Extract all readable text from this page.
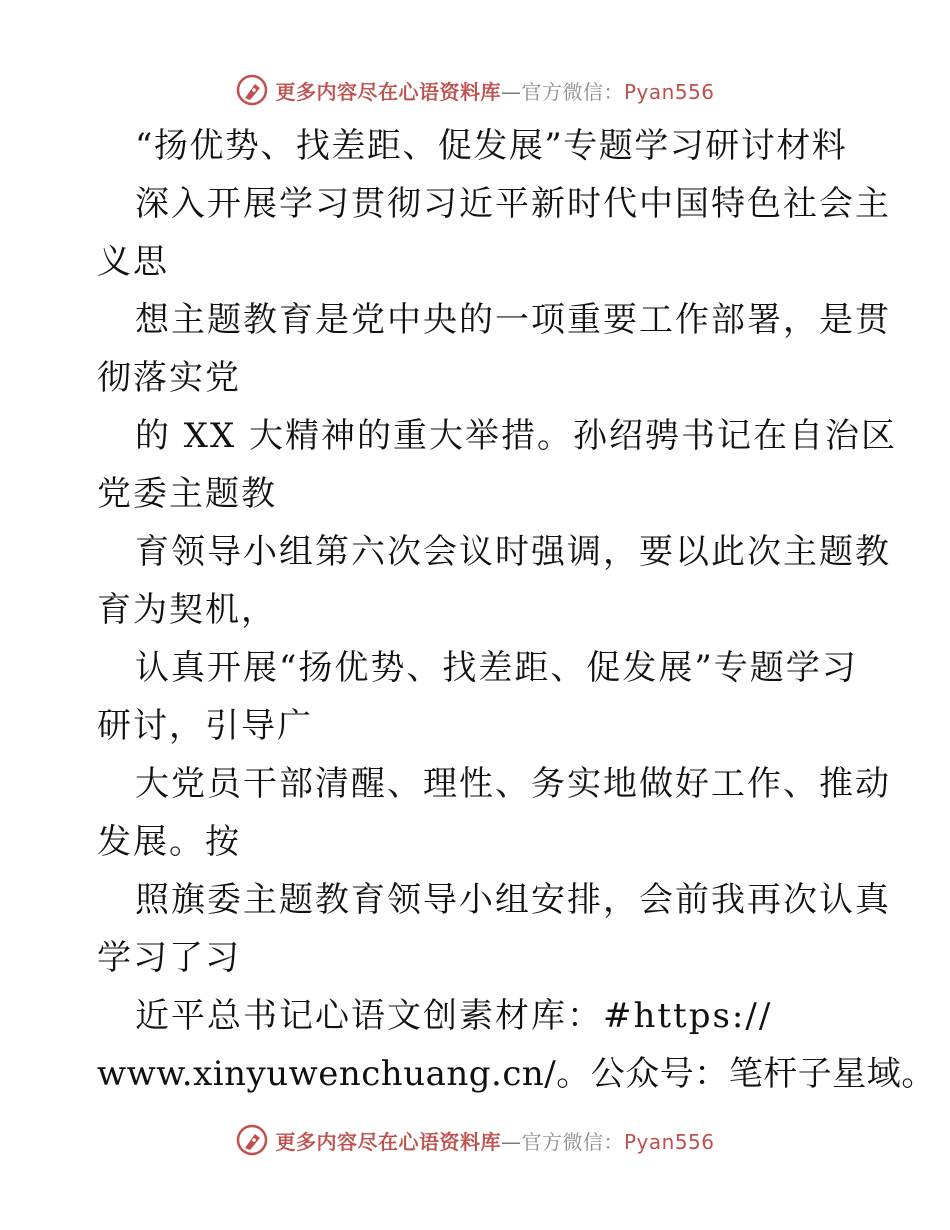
更多内容尽在心语资料库—官方微信：Pyan556
“扬优势、找差距、促发展”专题学习研讨材料
深入开展学习贯彻习近平新时代中国特色社会主
义思
想主题教育是党中央的一项重要工作部署，是贯
彻落实党
的 XX 大精神的重大举措。孙绍骋书记在自治区
党委主题教
育领导小组第六次会议时强调，要以此次主题教
育为契机，
认真开展“扬优势、找差距、促发展”专题学习
研讨，引导广
大党员干部清醒、理性、务实地做好工作、推动
发展。按
照旗委主题教育领导小组安排，会前我再次认真
学习了习
近平总书记心语文创素材库：#https://
www.xinyuwenchuang.cn/。公众号：笔杆子星域。
更多内容尽在心语资料库—官方微信：Pyan556
